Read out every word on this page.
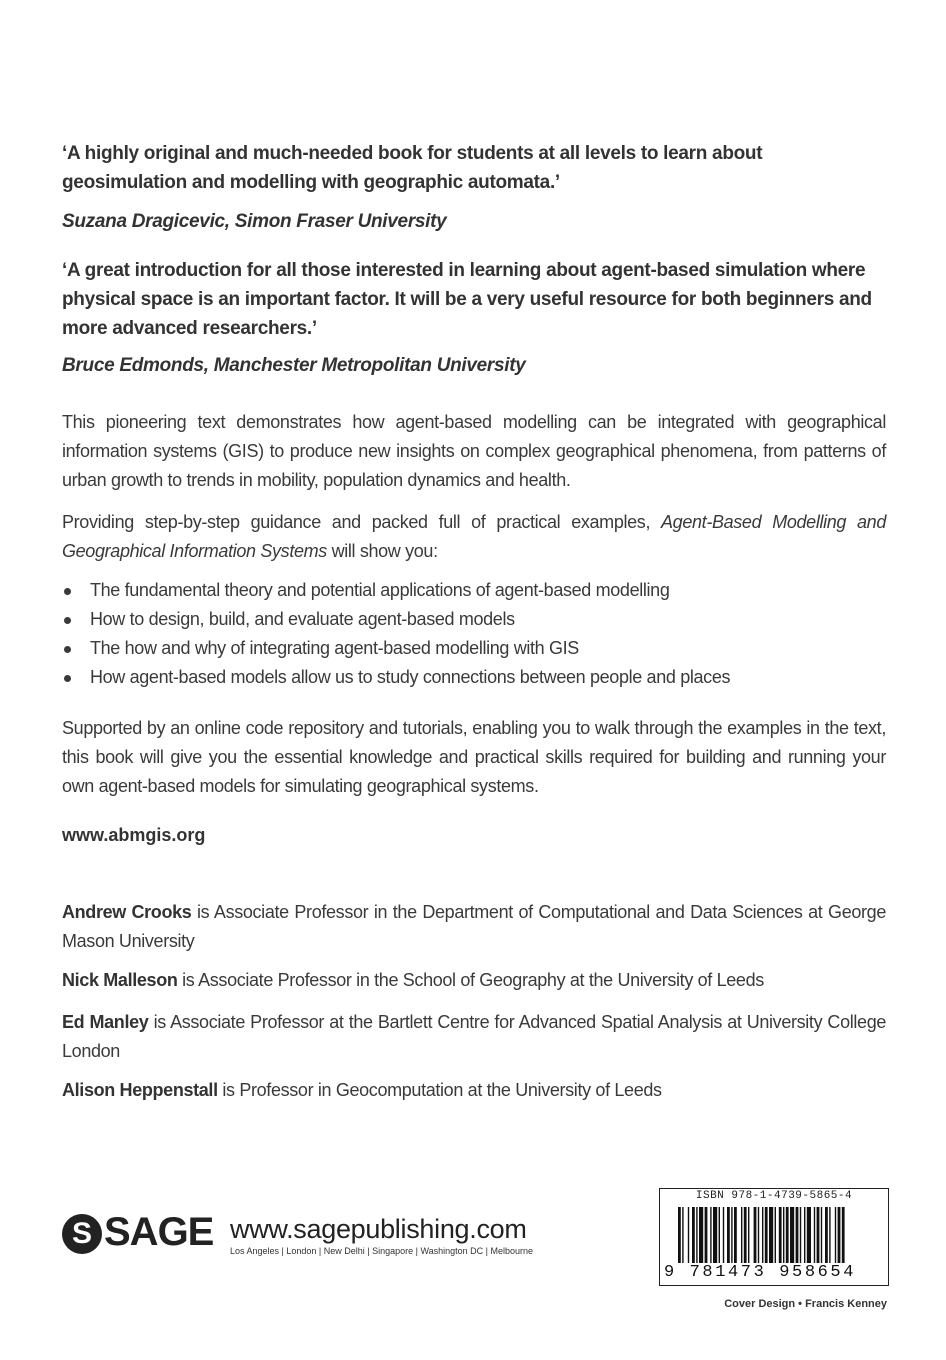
‘A highly original and much-needed book for students at all levels to learn about geosimulation and modelling with geographic automata.’
Suzana Dragicevic, Simon Fraser University
‘A great introduction for all those interested in learning about agent-based simulation where physical space is an important factor. It will be a very useful resource for both beginners and more advanced researchers.’
Bruce Edmonds, Manchester Metropolitan University
This pioneering text demonstrates how agent-based modelling can be integrated with geographical information systems (GIS) to produce new insights on complex geographical phenomena, from patterns of urban growth to trends in mobility, population dynamics and health.
Providing step-by-step guidance and packed full of practical examples, Agent-Based Modelling and Geographical Information Systems will show you:
The fundamental theory and potential applications of agent-based modelling
How to design, build, and evaluate agent-based models
The how and why of integrating agent-based modelling with GIS
How agent-based models allow us to study connections between people and places
Supported by an online code repository and tutorials, enabling you to walk through the examples in the text, this book will give you the essential knowledge and practical skills required for building and running your own agent-based models for simulating geographical systems.
www.abmgis.org
Andrew Crooks is Associate Professor in the Department of Computational and Data Sciences at George Mason University
Nick Malleson is Associate Professor in the School of Geography at the University of Leeds
Ed Manley is Associate Professor at the Bartlett Centre for Advanced Spatial Analysis at University College London
Alison Heppenstall is Professor in Geocomputation at the University of Leeds
S SAGE www.sagepublishing.com
Los Angeles | London | New Delhi | Singapore | Washington DC | Melbourne
ISBN 978-1-4739-5865-4
9 781473 958654
Cover Design • Francis Kenney
